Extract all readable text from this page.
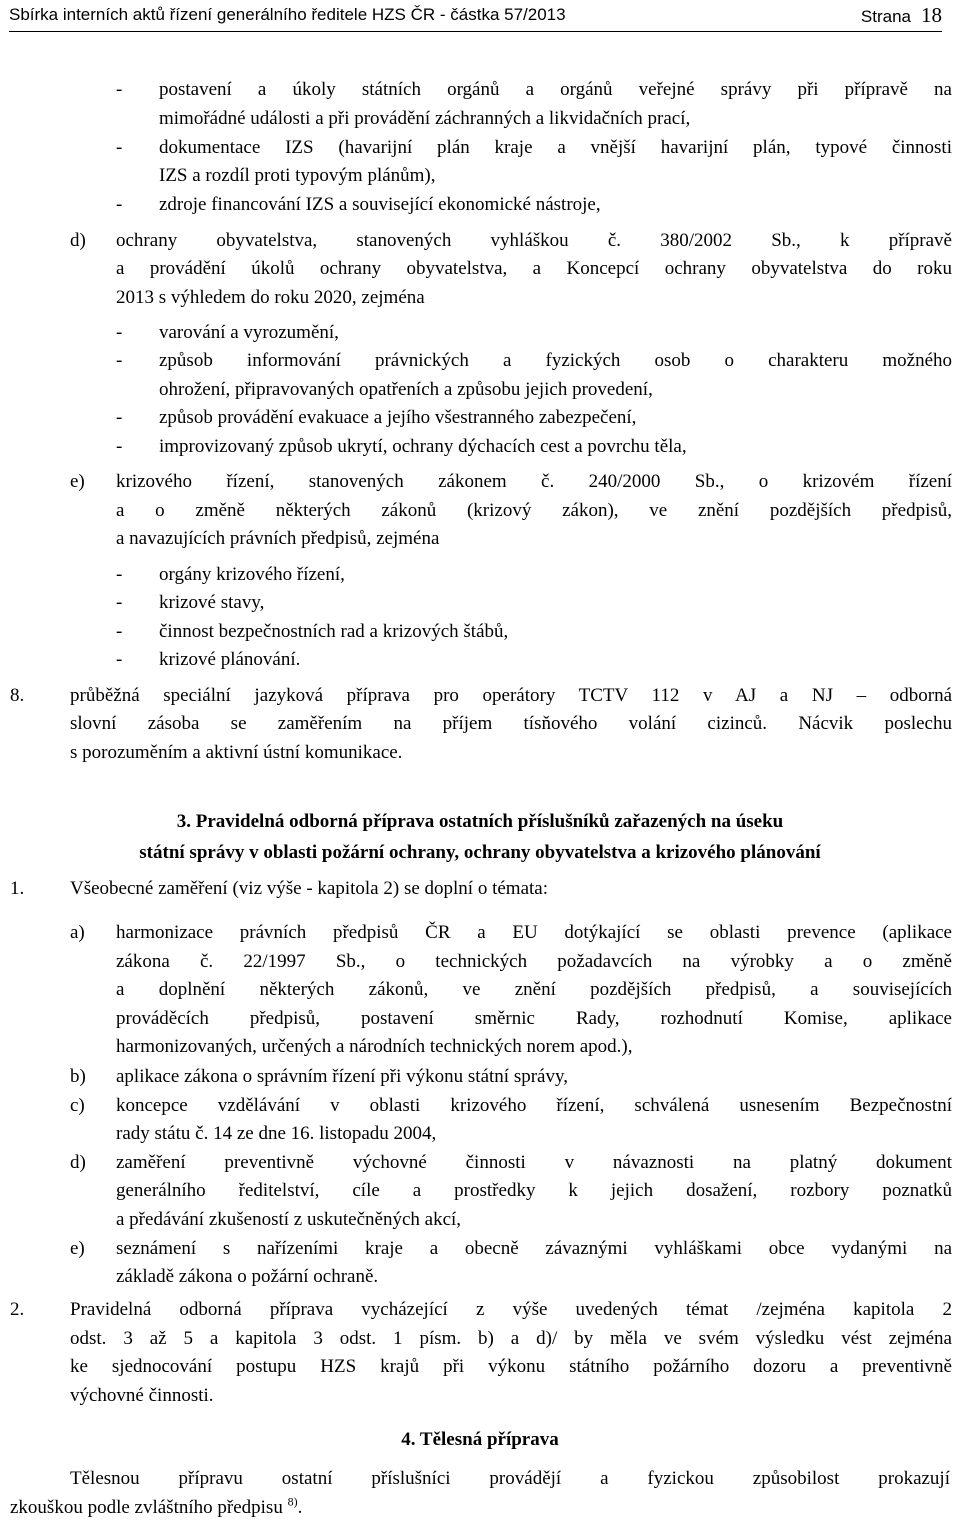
Sbírka interních aktů řízení generálního ředitele HZS ČR - částka 57/2013	Strana 18
- postavení a úkoly státních orgánů a orgánů veřejné správy při přípravě na
mimořádné události a při provádění záchranných a likvidačních prací,
- dokumentace IZS (havarijní plán kraje a vnější havarijní plán, typové činnosti
IZS a rozdíl proti typovým plánům),
- zdroje financování IZS a související ekonomické nástroje,
d) ochrany obyvatelstva, stanovených vyhláškou č. 380/2002 Sb., k přípravě
a provádění úkolů ochrany obyvatelstva, a Koncepcí ochrany obyvatelstva do roku
2013 s výhledem do roku 2020, zejména
- varování a vyrozumění,
- způsob informování právnických a fyzických osob o charakteru možného
ohrožení, připravovaných opatřeních a způsobu jejich provedení,
- způsob provádění evakuace a jejího všestranného zabezpečení,
- improvizovaný způsob ukrytí, ochrany dýchacích cest a povrchu těla,
e) krizového řízení, stanovených zákonem č. 240/2000 Sb., o krizovém řízení
a o změně některých zákonů (krizový zákon), ve znění pozdějších předpisů,
a navazujících právních předpisů, zejména
- orgány krizového řízení,
- krizové stavy,
- činnost bezpečnostních rad a krizových štábů,
- krizové plánování.
8. průběžná speciální jazyková příprava pro operátory TCTV 112 v AJ a NJ – odborná
slovní zásoba se zaměřením na příjem tísňového volání cizinců. Nácvik poslechu
s porozuměním a aktivní ústní komunikace.
1. Všeobecné zaměření (viz výše - kapitola 2) se doplní o témata:
a) harmonizace právních předpisů ČR a EU dotýkající se oblasti prevence (aplikace
zákona č. 22/1997 Sb., o technických požadavcích na výrobky a o změně
a doplnění některých zákonů, ve znění pozdějších předpisů, a souvisejících
prováděcích předpisů, postavení směrnic Rady, rozhodnutí Komise, aplikace
harmonizovaných, určených a národních technických norem apod.),
b) aplikace zákona o správním řízení při výkonu státní správy,
c) koncepce vzdělávání v oblasti krizového řízení, schválená usnesením Bezpečnostní
rady státu č. 14 ze dne 16. listopadu 2004,
d) zaměření preventivně výchovné činnosti v návaznosti na platný dokument
generálního ředitelství, cíle a prostředky k jejich dosažení, rozbory poznatků
a předávání zkušeností z uskutečněných akcí,
e) seznámení s nařízeními kraje a obecně závaznými vyhláškami obce vydanými na
základě zákona o požární ochraně.
2. Pravidelná odborná příprava vycházející z výše uvedených témat /zejména kapitola 2
odst. 3 až 5 a kapitola 3 odst. 1 písm. b) a d)/ by měla ve svém výsledku vést zejména
ke sjednocování postupu HZS krajů při výkonu státního požárního dozoru a preventivně
výchovné činnosti.
3. Pravidelná odborná příprava ostatních příslušníků zařazených na úseku
státní správy v oblasti požární ochrany, ochrany obyvatelstva a krizového plánování
4. Tělesná příprava
Tělesnou přípravu ostatní příslušníci provádějí a fyzickou způsobilost prokazují
zkouškou podle zvláštního předpisu $^{8)}$.
